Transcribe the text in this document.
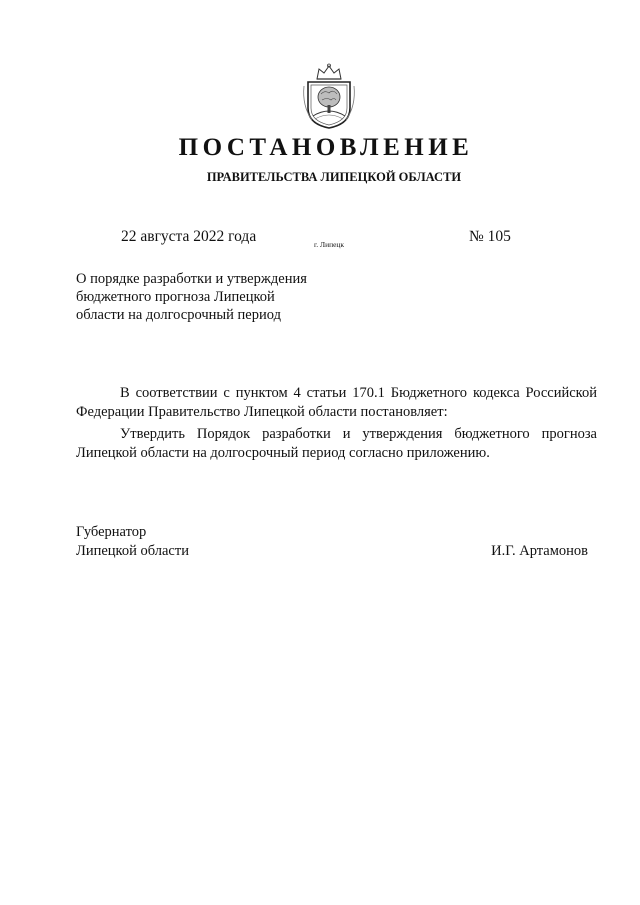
ПОСТАНОВЛЕНИЕ
ПРАВИТЕЛЬСТВА ЛИПЕЦКОЙ ОБЛАСТИ
22 августа 2022 года	г. Липецк	№ 105
О порядке разработки и утверждения
бюджетного прогноза Липецкой
области на долгосрочный период

В соответствии с пунктом 4 статьи 170.1 Бюджетного кодекса Российской Федерации Правительство Липецкой области постановляет:

Утвердить Порядок разработки и утверждения бюджетного прогноза Липецкой области на долгосрочный период согласно приложению.

Губернатор
Липецкой области	И.Г. Артамонов
